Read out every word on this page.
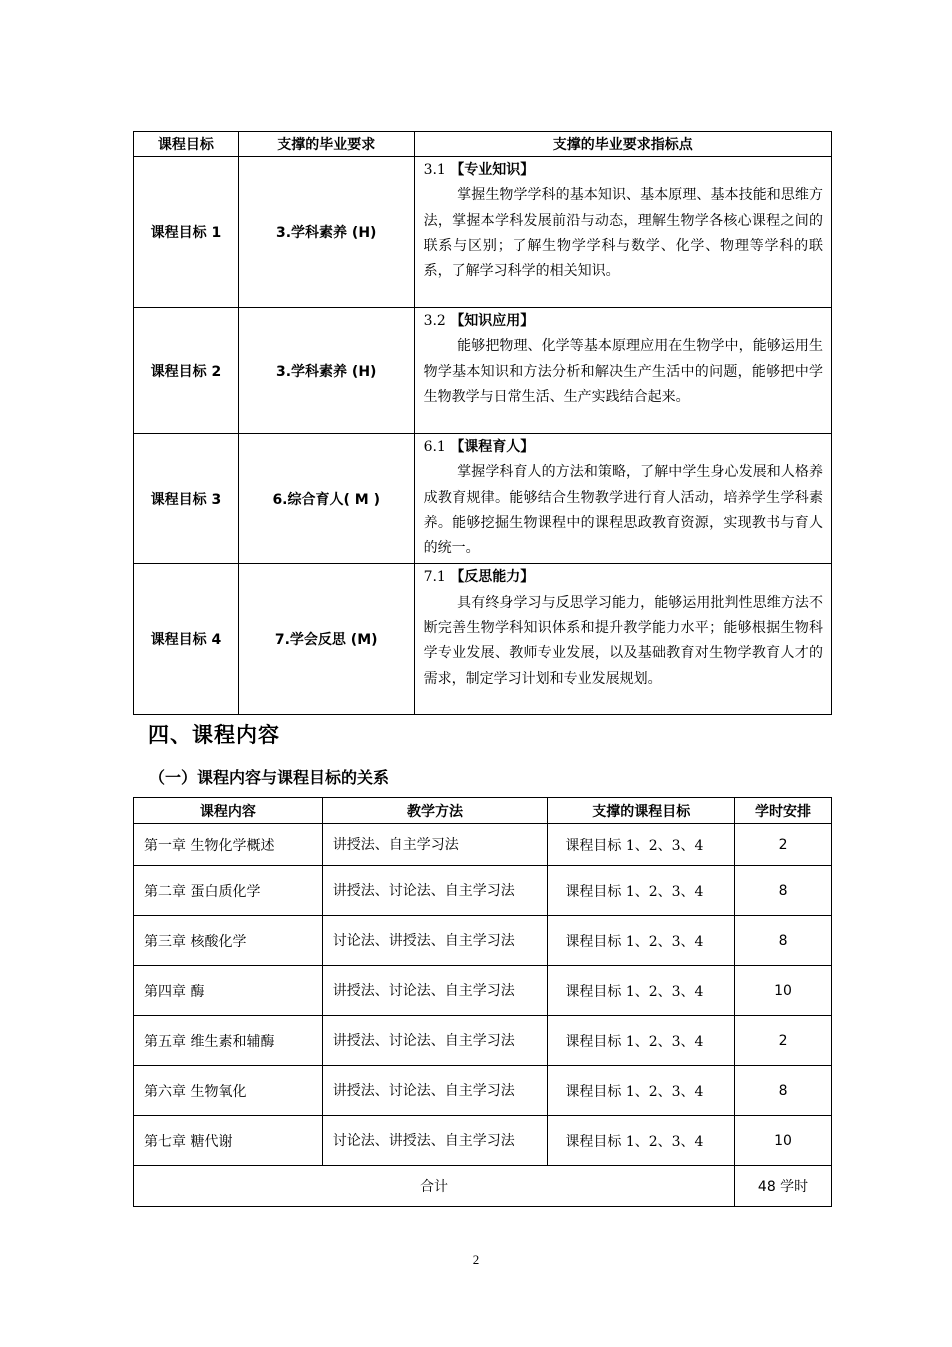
课程目标	支撑的毕业要求	支撑的毕业要求指标点
课程目标 1	3.学科素养 (H)	3.1 【专业知识】
掌握生物学学科的基本知识、基本原理、基本技能和思维方法，掌握本学科发展前沿与动态，理解生物学各核心课程之间的联系与区别；了解生物学学科与数学、化学、物理等学科的联系，了解学习科学的相关知识。

课程目标 2	3.学科素养 (H)	3.2 【知识应用】
能够把物理、化学等基本原理应用在生物学中，能够运用生物学基本知识和方法分析和解决生产生活中的问题，能够把中学生物教学与日常生活、生产实践结合起来。

课程目标 3	6.综合育人( M )	6.1 【课程育人】
掌握学科育人的方法和策略，了解中学生身心发展和人格养成教育规律。能够结合生物教学进行育人活动，培养学生学科素养。能够挖掘生物课程中的课程思政教育资源，实现教书与育人的统一。

课程目标 4	7.学会反思 (M)	7.1 【反思能力】
具有终身学习与反思学习能力，能够运用批判性思维方法不断完善生物学科知识体系和提升教学能力水平；能够根据生物科学专业发展、教师专业发展，以及基础教育对生物学教育人才的需求，制定学习计划和专业发展规划。
四、课程内容
（一）课程内容与课程目标的关系
课程内容	教学方法	支撑的课程目标	学时安排
第一章 生物化学概述	讲授法、自主学习法	课程目标 1、2、3、4	2
第二章 蛋白质化学	讲授法、讨论法、自主学习法	课程目标 1、2、3、4	8
第三章 核酸化学	讨论法、讲授法、自主学习法	课程目标 1、2、3、4	8
第四章 酶	讲授法、讨论法、自主学习法	课程目标 1、2、3、4	10
第五章 维生素和辅酶	讲授法、讨论法、自主学习法	课程目标 1、2、3、4	2
第六章 生物氧化	讲授法、讨论法、自主学习法	课程目标 1、2、3、4	8
第七章 糖代谢	讨论法、讲授法、自主学习法	课程目标 1、2、3、4	10
合计			48 学时
2
